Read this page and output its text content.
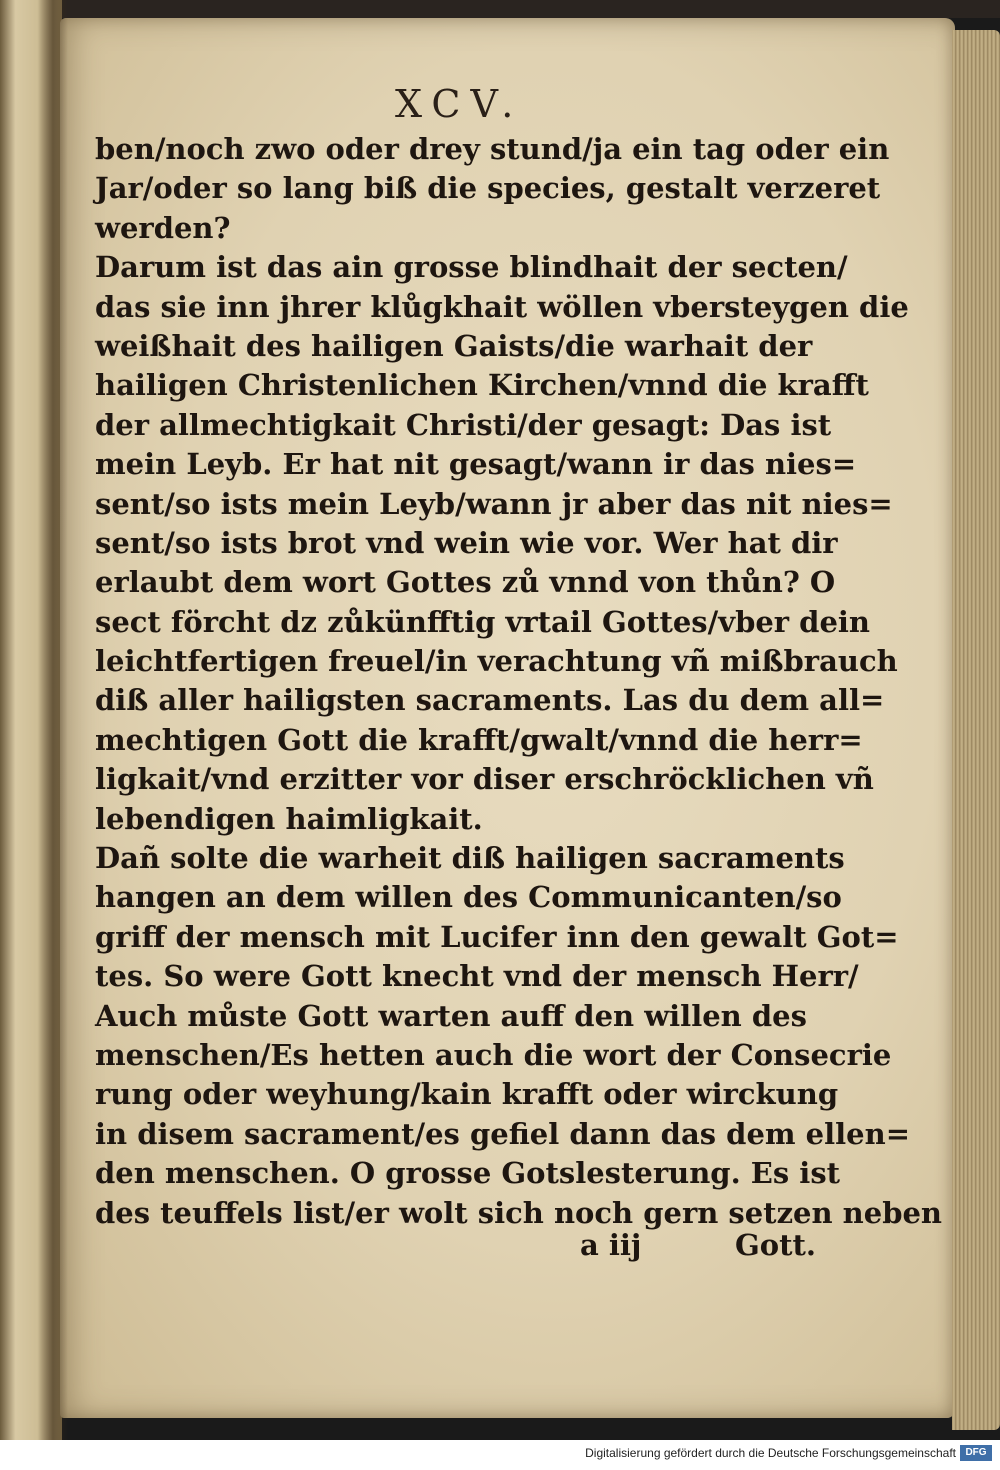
XCV.
ben/noch zwo oder drey stund/ja ein tag oder ein
Jar/oder so lang biß die species, gestalt verzeret
werden?
Darum ist das ain grosse blindhait der secten/
das sie inn jhrer klůgkhait wöllen vbersteygen die
weißhait des hailigen Gaists/die warhait der
hailigen Christenlichen Kirchen/vnnd die krafft
der allmechtigkait Christi/der gesagt: Das ist
mein Leyb. Er hat nit gesagt/wann ir das nies=
sent/so ists mein Leyb/wann jr aber das nit nies=
sent/so ists brot vnd wein wie vor. Wer hat dir
erlaubt dem wort Gottes zů vnnd von thůn? O
sect förcht dz zůkünfftig vrtail Gottes/vber dein
leichtfertigen freuel/in verachtung vñ mißbrauch
diß aller hailigsten sacraments. Las du dem all=
mechtigen Gott die krafft/gwalt/vnnd die herr=
ligkait/vnd erzitter vor diser erschröcklichen vñ
lebendigen haimligkait.
Dañ solte die warheit diß hailigen sacraments
hangen an dem willen des Communicanten/so
griff der mensch mit Lucifer inn den gewalt Got=
tes. So were Gott knecht vnd der mensch Herr/
Auch můste Gott warten auff den willen des
menschen/Es hetten auch die wort der Consecrie
rung oder weyhung/kain krafft oder wirckung
in disem sacrament/es gefiel dann das dem ellen=
den menschen. O grosse Gotslesterung. Es ist
des teuffels list/er wolt sich noch gern setzen neben
a iij	Gott.
Digitalisierung gefördert durch die Deutsche Forschungsgemeinschaft DFG
